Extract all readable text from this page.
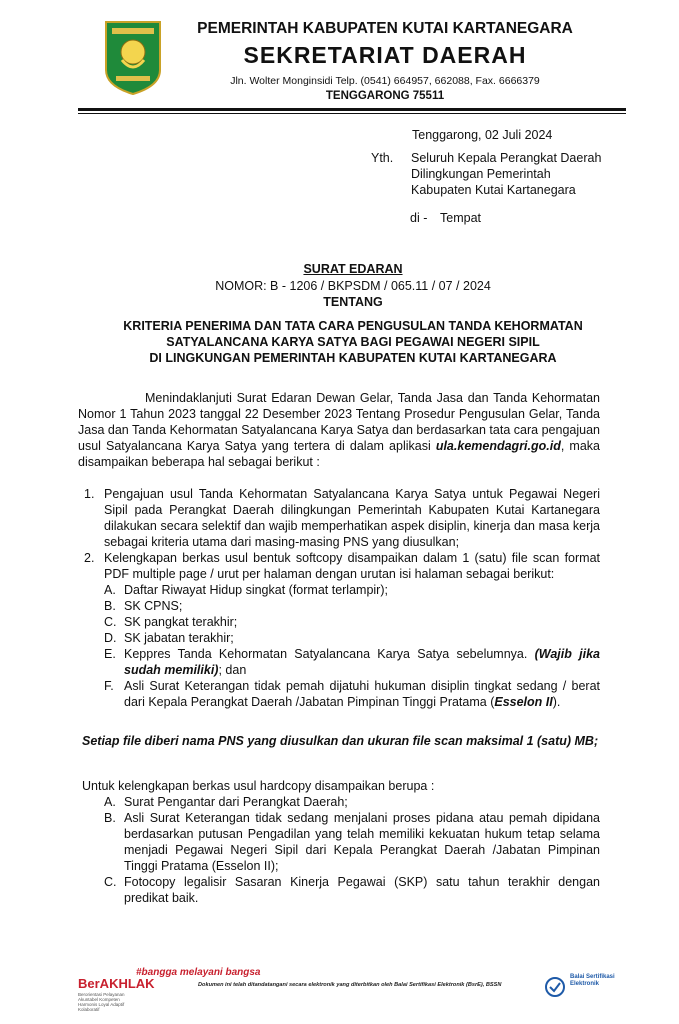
PEMERINTAH KABUPATEN KUTAI KARTANEGARA
SEKRETARIAT DAERAH
Jln. Wolter Monginsidi Telp. (0541) 664957, 662088, Fax. 6666379
TENGGARONG 75511
Tenggarong, 02 Juli 2024
Yth. Seluruh Kepala Perangkat Daerah
Dilingkungan Pemerintah
Kabupaten Kutai Kartanegara
di - Tempat
SURAT EDARAN
NOMOR: B - 1206 / BKPSDM / 065.11 / 07 / 2024
TENTANG
KRITERIA PENERIMA DAN TATA CARA PENGUSULAN TANDA KEHORMATAN
SATYALANCANA KARYA SATYA BAGI PEGAWAI NEGERI SIPIL
DI LINGKUNGAN PEMERINTAH KABUPATEN KUTAI KARTANEGARA
Menindaklanjuti Surat Edaran Dewan Gelar, Tanda Jasa dan Tanda Kehormatan Nomor 1 Tahun 2023 tanggal 22 Desember 2023 Tentang Prosedur Pengusulan Gelar, Tanda Jasa dan Tanda Kehormatan Satyalancana Karya Satya dan berdasarkan tata cara pengajuan usul Satyalancana Karya Satya yang tertera di dalam aplikasi ula.kemendagri.go.id, maka disampaikan beberapa hal sebagai berikut :
1. Pengajuan usul Tanda Kehormatan Satyalancana Karya Satya untuk Pegawai Negeri Sipil pada Perangkat Daerah dilingkungan Pemerintah Kabupaten Kutai Kartanegara dilakukan secara selektif dan wajib memperhatikan aspek disiplin, kinerja dan masa kerja sebagai kriteria utama dari masing-masing PNS yang diusulkan;
2. Kelengkapan berkas usul bentuk softcopy disampaikan dalam 1 (satu) file scan format PDF multiple page / urut per halaman dengan urutan isi halaman sebagai berikut:
A. Daftar Riwayat Hidup singkat (format terlampir);
B. SK CPNS;
C. SK pangkat terakhir;
D. SK jabatan terakhir;
E. Keppres Tanda Kehormatan Satyalancana Karya Satya sebelumnya. (Wajib jika sudah memiliki); dan
F. Asli Surat Keterangan tidak pemah dijatuhi hukuman disiplin tingkat sedang / berat dari Kepala Perangkat Daerah /Jabatan Pimpinan Tinggi Pratama (Esselon II).
Setiap file diberi nama PNS yang diusulkan dan ukuran file scan maksimal 1 (satu) MB;
Untuk kelengkapan berkas usul hardcopy disampaikan berupa :
A. Surat Pengantar dari Perangkat Daerah;
B. Asli Surat Keterangan tidak sedang menjalani proses pidana atau pemah dipidana berdasarkan putusan Pengadilan yang telah memiliki kekuatan hukum tetap selama menjadi Pegawai Negeri Sipil dari Kepala Perangkat Daerah /Jabatan Pimpinan Tinggi Pratama (Esselon II);
C. Fotocopy legalisir Sasaran Kinerja Pegawai (SKP) satu tahun terakhir dengan predikat baik.
BerAKHLAK
#bangga melayani bangsa
Berorientasi Pelayanan Akuntabel Kompeten Harmonis Loyal Adaptif Kolaboratif
Dokumen ini telah ditandatangani secara elektronik yang diterbitkan oleh Balai Sertifikasi Elektronik (BsrE), BSSN
Balai Sertifikasi Elektronik
